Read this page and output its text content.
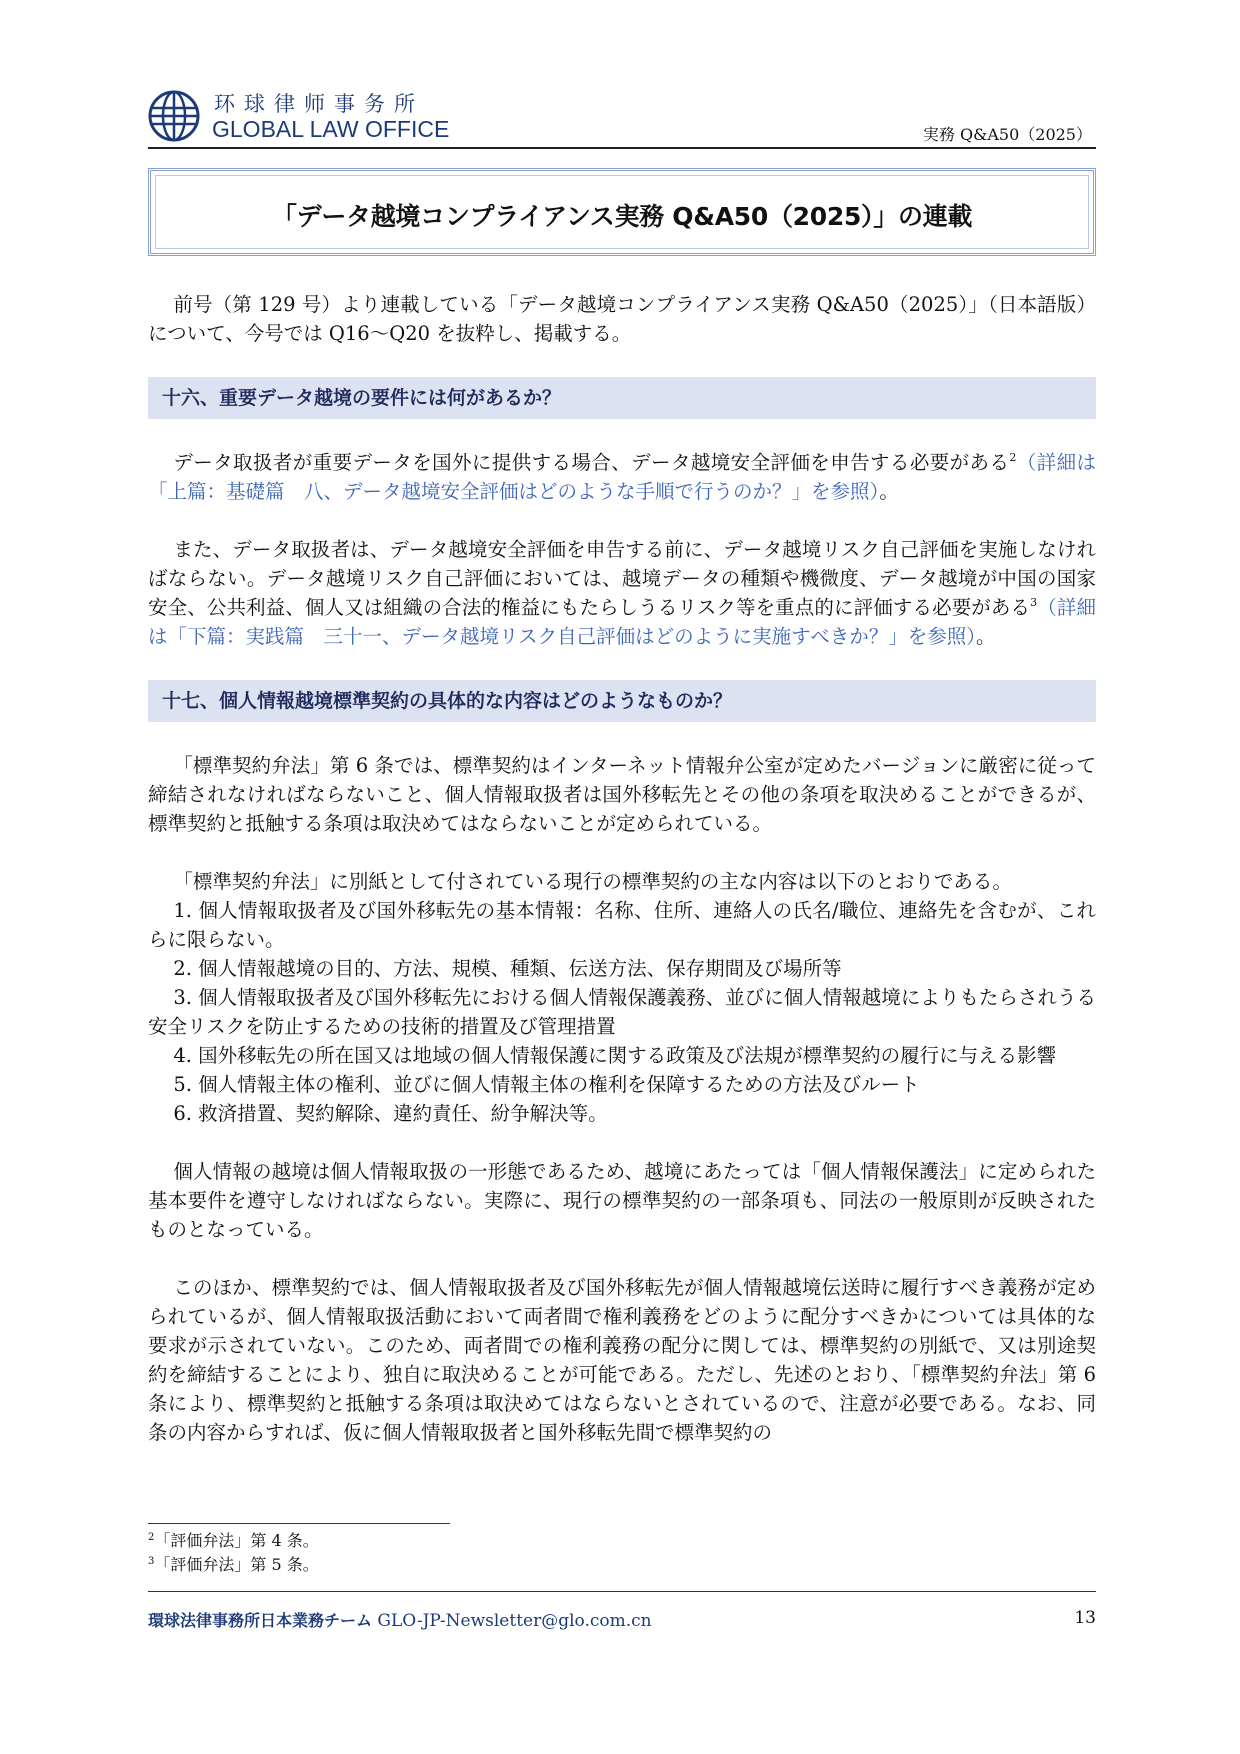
环球律师事务所
GLOBAL LAW OFFICE	実務 Q&A50（2025）
「データ越境コンプライアンス実務 Q&A50（2025）」の連載

前号（第 129 号）より連載している「データ越境コンプライアンス実務 Q&A50（2025）」（日本語版）について、今号では Q16〜Q20 を抜粋し、掲載する。

十六、重要データ越境の要件には何があるか？

データ取扱者が重要データを国外に提供する場合、データ越境安全評価を申告する必要がある$^2$（詳細は「上篇：基礎篇　八、データ越境安全評価はどのような手順で行うのか？」を参照）。

また、データ取扱者は、データ越境安全評価を申告する前に、データ越境リスク自己評価を実施しなければならない。データ越境リスク自己評価においては、越境データの種類や機微度、データ越境が中国の国家安全、公共利益、個人又は組織の合法的権益にもたらしうるリスク等を重点的に評価する必要がある$^3$（詳細は「下篇：実践篇　三十一、データ越境リスク自己評価はどのように実施すべきか？」を参照）。

十七、個人情報越境標準契約の具体的な内容はどのようなものか？

「標準契約弁法」第 6 条では、標準契約はインターネット情報弁公室が定めたバージョンに厳密に従って締結されなければならないこと、個人情報取扱者は国外移転先とその他の条項を取決めることができるが、標準契約と抵触する条項は取決めてはならないことが定められている。

「標準契約弁法」に別紙として付されている現行の標準契約の主な内容は以下のとおりである。

1. 個人情報取扱者及び国外移転先の基本情報：名称、住所、連絡人の氏名/職位、連絡先を含むが、これらに限らない。

2. 個人情報越境の目的、方法、規模、種類、伝送方法、保存期間及び場所等

3. 個人情報取扱者及び国外移転先における個人情報保護義務、並びに個人情報越境によりもたらされうる安全リスクを防止するための技術的措置及び管理措置

4. 国外移転先の所在国又は地域の個人情報保護に関する政策及び法規が標準契約の履行に与える影響

5. 個人情報主体の権利、並びに個人情報主体の権利を保障するための方法及びルート

6. 救済措置、契約解除、違約責任、紛争解決等。

個人情報の越境は個人情報取扱の一形態であるため、越境にあたっては「個人情報保護法」に定められた基本要件を遵守しなければならない。実際に、現行の標準契約の一部条項も、同法の一般原則が反映されたものとなっている。

このほか、標準契約では、個人情報取扱者及び国外移転先が個人情報越境伝送時に履行すべき義務が定められているが、個人情報取扱活動において両者間で権利義務をどのように配分すべきかについては具体的な要求が示されていない。このため、両者間での権利義務の配分に関しては、標準契約の別紙で、又は別途契約を締結することにより、独自に取決めることが可能である。ただし、先述のとおり、「標準契約弁法」第 6 条により、標準契約と抵触する条項は取決めてはならないとされているので、注意が必要である。なお、同条の内容からすれば、仮に個人情報取扱者と国外移転先間で標準契約の

$^2$「評価弁法」第 4 条。
$^3$「評価弁法」第 5 条。
環球法律事務所日本業務チーム GLO-JP-Newsletter@glo.com.cn	13
